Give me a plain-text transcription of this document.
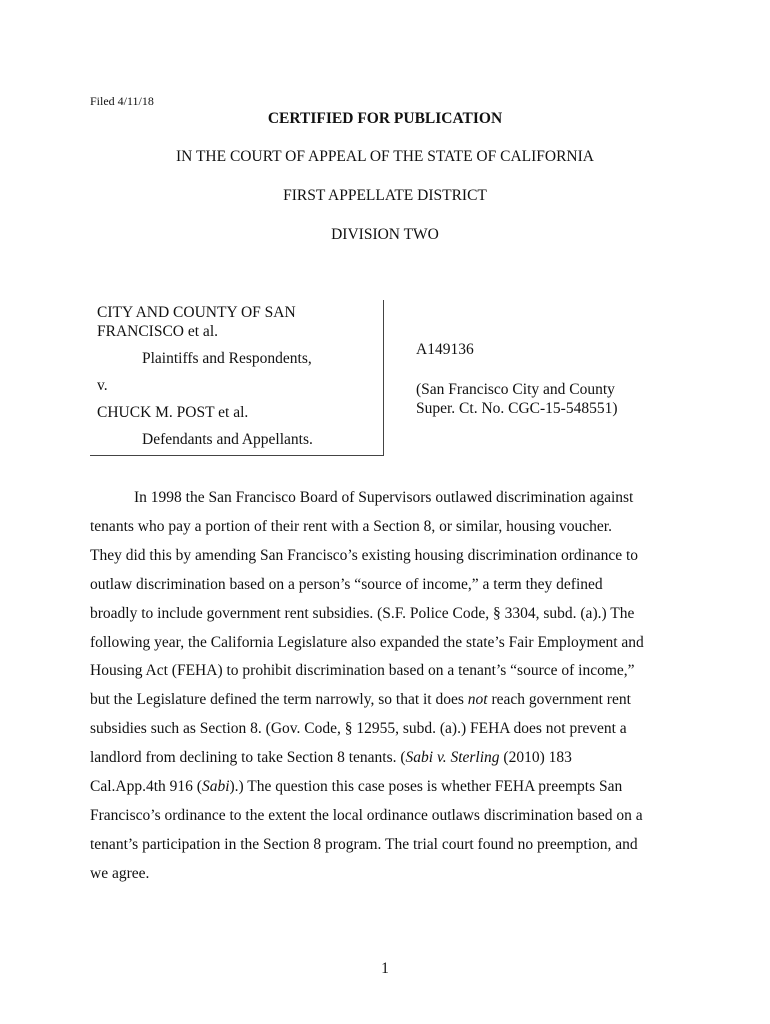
Filed 4/11/18
CERTIFIED FOR PUBLICATION
IN THE COURT OF APPEAL OF THE STATE OF CALIFORNIA
FIRST APPELLATE DISTRICT
DIVISION TWO
CITY AND COUNTY OF SAN FRANCISCO et al.
Plaintiffs and Respondents,
v.
CHUCK M. POST et al.
Defendants and Appellants.
A149136
(San Francisco City and County
Super. Ct. No. CGC-15-548551)
In 1998 the San Francisco Board of Supervisors outlawed discrimination against
tenants who pay a portion of their rent with a Section 8, or similar, housing voucher.
They did this by amending San Francisco’s existing housing discrimination ordinance to
outlaw discrimination based on a person’s “source of income,” a term they defined
broadly to include government rent subsidies. (S.F. Police Code, § 3304, subd. (a).) The
following year, the California Legislature also expanded the state’s Fair Employment and
Housing Act (FEHA) to prohibit discrimination based on a tenant’s “source of income,”
but the Legislature defined the term narrowly, so that it does not reach government rent
subsidies such as Section 8. (Gov. Code, § 12955, subd. (a).) FEHA does not prevent a
landlord from declining to take Section 8 tenants. (Sabi v. Sterling (2010) 183
Cal.App.4th 916 (Sabi).) The question this case poses is whether FEHA preempts San
Francisco’s ordinance to the extent the local ordinance outlaws discrimination based on a
tenant’s participation in the Section 8 program. The trial court found no preemption, and
we agree.
1
